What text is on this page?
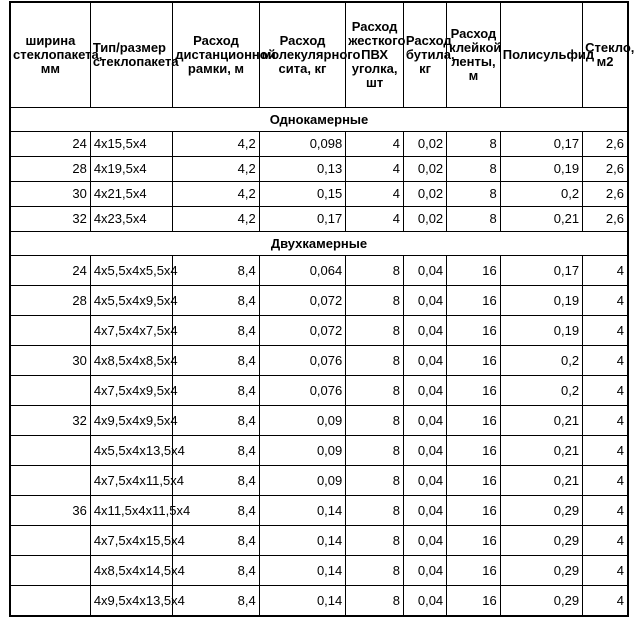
ширина стеклопакета, мм	Тип/размер стеклопакета	Расход дистанционной рамки, м	Расход молекулярного сита, кг	Расход жесткого ПВХ уголка, шт	Расход бутила, кг	Расход клейкой ленты, м	Полисульфид	Стекло, м2
Однокамерные								
24	4х15,5х4	4,2	0,098	4	0,02	8	0,17	2,6
28	4х19,5х4	4,2	0,13	4	0,02	8	0,19	2,6
30	4х21,5х4	4,2	0,15	4	0,02	8	0,2	2,6
32	4х23,5х4	4,2	0,17	4	0,02	8	0,21	2,6
Двухкамерные								
24	4х5,5х4х5,5х4	8,4	0,064	8	0,04	16	0,17	4
28	4х5,5х4х9,5х4	8,4	0,072	8	0,04	16	0,19	4
	4х7,5х4х7,5х4	8,4	0,072	8	0,04	16	0,19	4
30	4х8,5х4х8,5х4	8,4	0,076	8	0,04	16	0,2	4
	4х7,5х4х9,5х4	8,4	0,076	8	0,04	16	0,2	4
32	4х9,5х4х9,5х4	8,4	0,09	8	0,04	16	0,21	4
	4х5,5х4х13,5х4	8,4	0,09	8	0,04	16	0,21	4
	4х7,5х4х11,5х4	8,4	0,09	8	0,04	16	0,21	4
36	4х11,5х4х11,5х4	8,4	0,14	8	0,04	16	0,29	4
	4х7,5х4х15,5х4	8,4	0,14	8	0,04	16	0,29	4
	4х8,5х4х14,5х4	8,4	0,14	8	0,04	16	0,29	4
	4х9,5х4х13,5х4	8,4	0,14	8	0,04	16	0,29	4
